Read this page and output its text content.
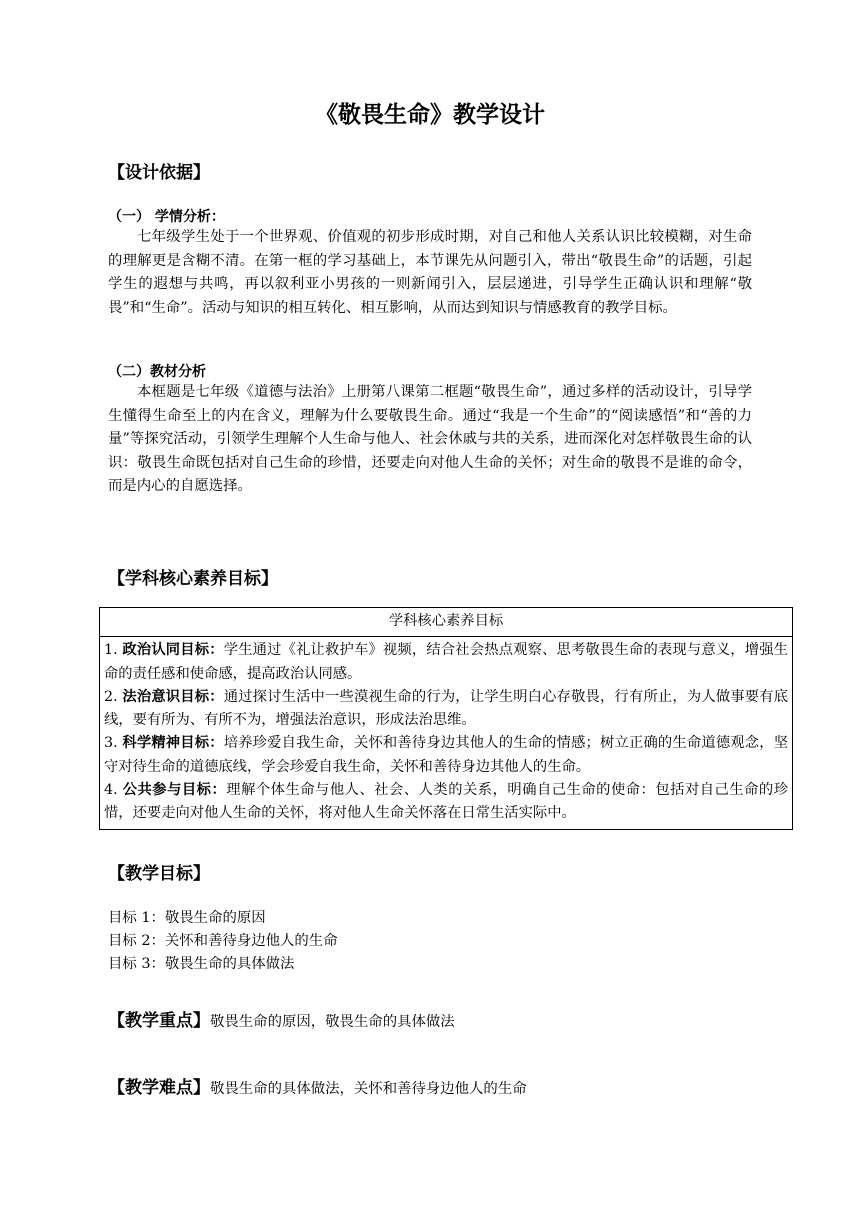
《敬畏生命》教学设计
【设计依据】
（一） 学情分析：

七年级学生处于一个世界观、价值观的初步形成时期，对自己和他人关系认识比较模糊，对生命的理解更是含糊不清。在第一框的学习基础上，本节课先从问题引入，带出“敬畏生命”的话题，引起学生的遐想与共鸣，再以叙利亚小男孩的一则新闻引入，层层递进，引导学生正确认识和理解“敬畏”和“生命”。活动与知识的相互转化、相互影响，从而达到知识与情感教育的教学目标。

（二）教材分析

本框题是七年级《道德与法治》上册第八课第二框题“敬畏生命”，通过多样的活动设计，引导学生懂得生命至上的内在含义，理解为什么要敬畏生命。通过“我是一个生命”的“阅读感悟”和“善的力量”等探究活动，引领学生理解个人生命与他人、社会休戚与共的关系，进而深化对怎样敬畏生命的认识：敬畏生命既包括对自己生命的珍惜，还要走向对他人生命的关怀；对生命的敬畏不是谁的命令，而是内心的自愿选择。

【学科核心素养目标】
学科核心素养目标

1. 政治认同目标：学生通过《礼让救护车》视频，结合社会热点观察、思考敬畏生命的表现与意义，增强生命的责任感和使命感，提高政治认同感。
2. 法治意识目标：通过探讨生活中一些漠视生命的行为，让学生明白心存敬畏，行有所止，为人做事要有底线，要有所为、有所不为，增强法治意识，形成法治思维。
3. 科学精神目标：培养珍爱自我生命，关怀和善待身边其他人的生命的情感；树立正确的生命道德观念，坚守对待生命的道德底线，学会珍爱自我生命，关怀和善待身边其他人的生命。
4. 公共参与目标：理解个体生命与他人、社会、人类的关系，明确自己生命的使命：包括对自己生命的珍惜，还要走向对他人生命的关怀，将对他人生命关怀落在日常生活实际中。
【教学目标】
目标 1：敬畏生命的原因
目标 2：关怀和善待身边他人的生命
目标 3：敬畏生命的具体做法
【教学重点】敬畏生命的原因，敬畏生命的具体做法
【教学难点】敬畏生命的具体做法，关怀和善待身边他人的生命
